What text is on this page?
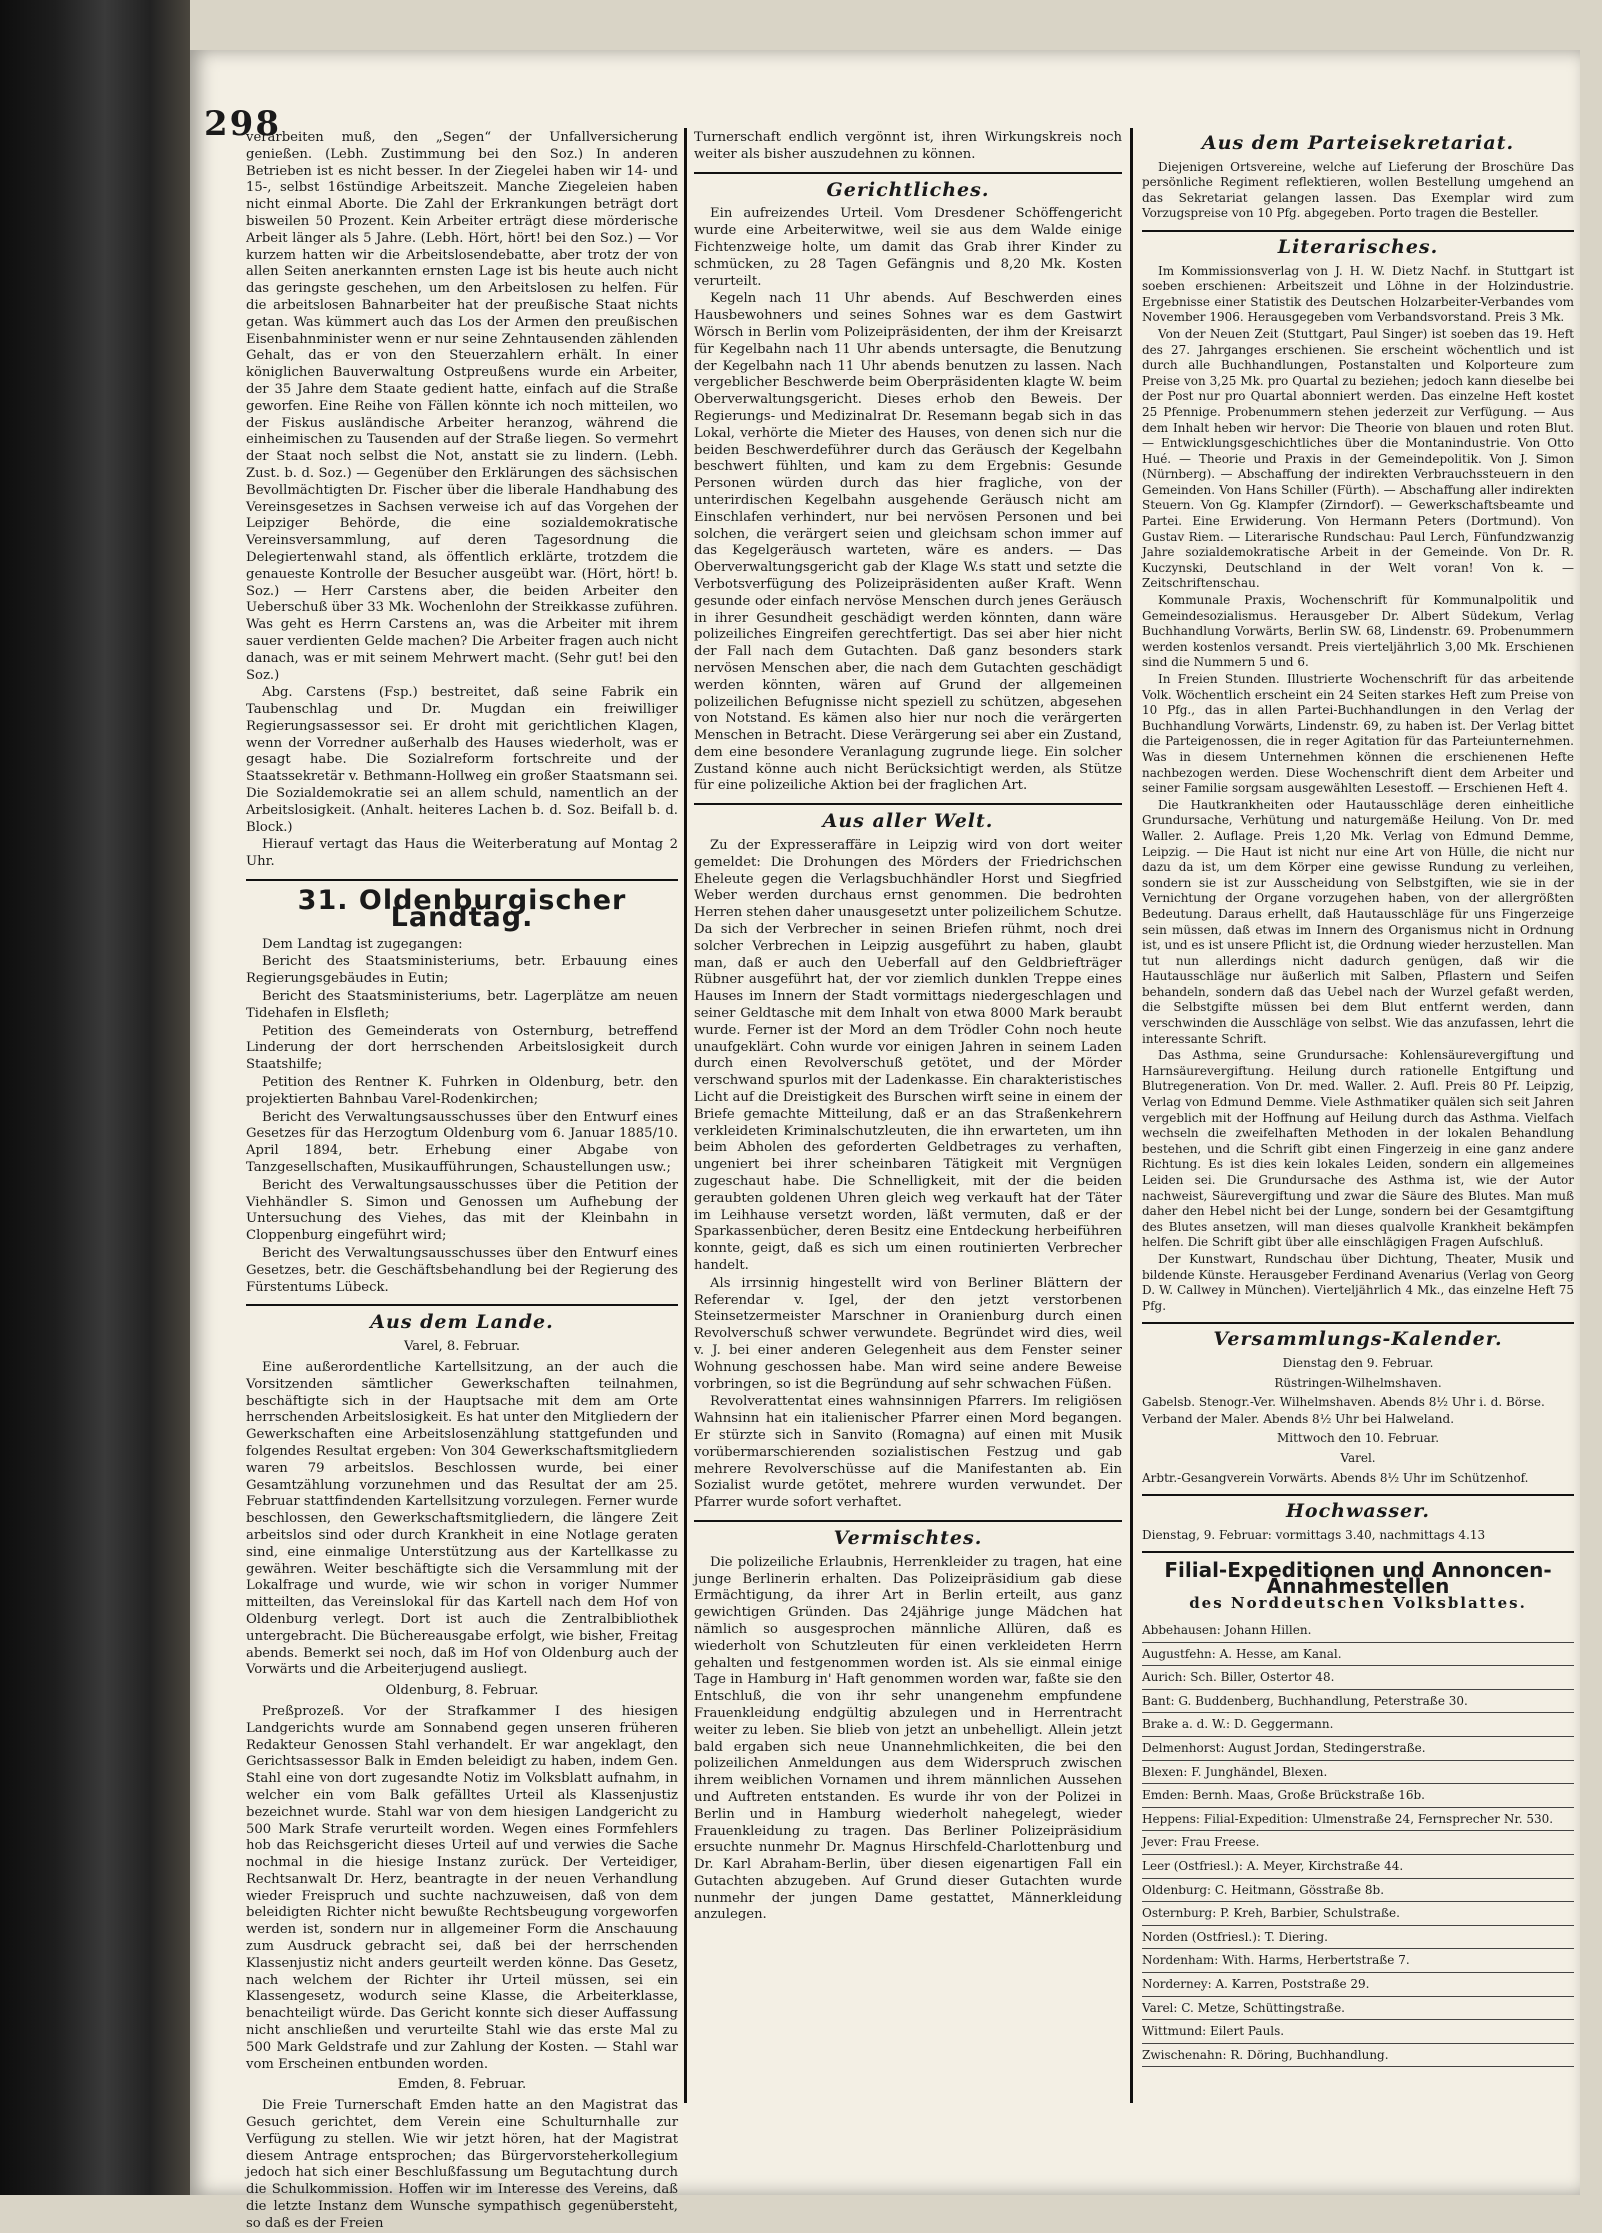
298

verarbeiten muß, den „Segen“ der Unfallversicherung genießen. (Lebh. Zustimmung bei den Soz.) In anderen Betrieben ist es nicht besser. In der Ziegelei haben wir 14- und 15-, selbst 16stündige Arbeitszeit. Manche Ziegeleien haben nicht einmal Aborte. Die Zahl der Erkrankungen beträgt dort bisweilen 50 Prozent. Kein Arbeiter erträgt diese mörderische Arbeit länger als 5 Jahre. (Lebh. Hört, hört! bei den Soz.) — Vor kurzem hatten wir die Arbeitslosendebatte, aber trotz der von allen Seiten anerkannten ernsten Lage ist bis heute auch nicht das geringste geschehen, um den Arbeitslosen zu helfen. Für die arbeitslosen Bahnarbeiter hat der preußische Staat nichts getan. Was kümmert auch das Los der Armen den preußischen Eisenbahnminister wenn er nur seine Zehntausenden zählenden Gehalt, das er von den Steuerzahlern erhält. In einer königlichen Bauverwaltung Ostpreußens wurde ein Arbeiter, der 35 Jahre dem Staate gedient hatte, einfach auf die Straße geworfen. Eine Reihe von Fällen könnte ich noch mitteilen, wo der Fiskus ausländische Arbeiter heranzog, während die einheimischen zu Tausenden auf der Straße liegen. So vermehrt der Staat noch selbst die Not, anstatt sie zu lindern. (Lebh. Zust. b. d. Soz.) — Gegenüber den Erklärungen des sächsischen Bevollmächtigten Dr. Fischer über die liberale Handhabung des Vereinsgesetzes in Sachsen verweise ich auf das Vorgehen der Leipziger Behörde, die eine sozialdemokratische Vereinsversammlung, auf deren Tagesordnung die Delegiertenwahl stand, als öffentlich erklärte, trotzdem die genaueste Kontrolle der Besucher ausgeübt war. (Hört, hört! b. Soz.) — Herr Carstens aber, die beiden Arbeiter den Ueberschuß über 33 Mk. Wochenlohn der Streikkasse zuführen. Was geht es Herrn Carstens an, was die Arbeiter mit ihrem sauer verdienten Gelde machen? Die Arbeiter fragen auch nicht danach, was er mit seinem Mehrwert macht. (Sehr gut! bei den Soz.)

Abg. Carstens (Fsp.) bestreitet, daß seine Fabrik ein Taubenschlag und Dr. Mugdan ein freiwilliger Regierungsassessor sei. Er droht mit gerichtlichen Klagen, wenn der Vorredner außerhalb des Hauses wiederholt, was er gesagt habe. Die Sozialreform fortschreite und der Staatssekretär v. Bethmann-Hollweg ein großer Staatsmann sei. Die Sozialdemokratie sei an allem schuld, namentlich an der Arbeitslosigkeit. (Anhalt. heiteres Lachen b. d. Soz. Beifall b. d. Block.)

Hierauf vertagt das Haus die Weiterberatung auf Montag 2 Uhr.

31. Oldenburgischer Landtag.

Dem Landtag ist zugegangen:

Bericht des Staatsministeriums, betr. Erbauung eines Regierungsgebäudes in Eutin;

Bericht des Staatsministeriums, betr. Lagerplätze am neuen Tidehafen in Elsfleth;

Petition des Gemeinderats von Osternburg, betreffend Linderung der dort herrschenden Arbeitslosigkeit durch Staatshilfe;

Petition des Rentner K. Fuhrken in Oldenburg, betr. den projektierten Bahnbau Varel-Rodenkirchen;

Bericht des Verwaltungsausschusses über den Entwurf eines Gesetzes für das Herzogtum Oldenburg vom 6. Januar 1885/10. April 1894, betr. Erhebung einer Abgabe von Tanzgesellschaften, Musikaufführungen, Schaustellungen usw.;

Bericht des Verwaltungsausschusses über die Petition der Viehhändler S. Simon und Genossen um Aufhebung der Untersuchung des Viehes, das mit der Kleinbahn in Cloppenburg eingeführt wird;

Bericht des Verwaltungsausschusses über den Entwurf eines Gesetzes, betr. die Geschäftsbehandlung bei der Regierung des Fürstentums Lübeck.

Aus dem Lande.
Varel, 8. Februar.

Eine außerordentliche Kartellsitzung, an der auch die Vorsitzenden sämtlicher Gewerkschaften teilnahmen, beschäftigte sich in der Hauptsache mit dem am Orte herrschenden Arbeitslosigkeit. Es hat unter den Mitgliedern der Gewerkschaften eine Arbeitslosenzählung stattgefunden und folgendes Resultat ergeben: Von 304 Gewerkschaftsmitgliedern waren 79 arbeitslos. Beschlossen wurde, bei einer Gesamtzählung vorzunehmen und das Resultat der am 25. Februar stattfindenden Kartellsitzung vorzulegen. Ferner wurde beschlossen, den Gewerkschaftsmitgliedern, die längere Zeit arbeitslos sind oder durch Krankheit in eine Notlage geraten sind, eine einmalige Unterstützung aus der Kartellkasse zu gewähren. Weiter beschäftigte sich die Versammlung mit der Lokalfrage und wurde, wie wir schon in voriger Nummer mitteilten, das Vereinslokal für das Kartell nach dem Hof von Oldenburg verlegt. Dort ist auch die Zentralbibliothek untergebracht. Die Büchereausgabe erfolgt, wie bisher, Freitag abends. Bemerkt sei noch, daß im Hof von Oldenburg auch der Vorwärts und die Arbeiterjugend ausliegt.

Oldenburg, 8. Februar.

Preßprozeß. Vor der Strafkammer I des hiesigen Landgerichts wurde am Sonnabend gegen unseren früheren Redakteur Genossen Stahl verhandelt. Er war angeklagt, den Gerichtsassessor Balk in Emden beleidigt zu haben, indem Gen. Stahl eine von dort zugesandte Notiz im Volksblatt aufnahm, in welcher ein vom Balk gefälltes Urteil als Klassenjustiz bezeichnet wurde. Stahl war von dem hiesigen Landgericht zu 500 Mark Strafe verurteilt worden. Wegen eines Formfehlers hob das Reichsgericht dieses Urteil auf und verwies die Sache nochmal in die hiesige Instanz zurück. Der Verteidiger, Rechtsanwalt Dr. Herz, beantragte in der neuen Verhandlung wieder Freispruch und suchte nachzuweisen, daß von dem beleidigten Richter nicht bewußte Rechtsbeugung vorgeworfen werden ist, sondern nur in allgemeiner Form die Anschauung zum Ausdruck gebracht sei, daß bei der herrschenden Klassenjustiz nicht anders geurteilt werden könne. Das Gesetz, nach welchem der Richter ihr Urteil müssen, sei ein Klassengesetz, wodurch seine Klasse, die Arbeiterklasse, benachteiligt würde. Das Gericht konnte sich dieser Auffassung nicht anschließen und verurteilte Stahl wie das erste Mal zu 500 Mark Geldstrafe und zur Zahlung der Kosten. — Stahl war vom Erscheinen entbunden worden.

Emden, 8. Februar.

Die Freie Turnerschaft Emden hatte an den Magistrat das Gesuch gerichtet, dem Verein eine Schulturnhalle zur Verfügung zu stellen. Wie wir jetzt hören, hat der Magistrat diesem Antrage entsprochen; das Bürgervorsteherkollegium jedoch hat sich einer Beschlußfassung um Begutachtung durch die Schulkommission. Hoffen wir im Interesse des Vereins, daß die letzte Instanz dem Wunsche sympathisch gegenübersteht, so daß es der Freien

Turnerschaft endlich vergönnt ist, ihren Wirkungskreis noch weiter als bisher auszudehnen zu können.

Gerichtliches.

Ein aufreizendes Urteil. Vom Dresdener Schöffengericht wurde eine Arbeiterwitwe, weil sie aus dem Walde einige Fichtenzweige holte, um damit das Grab ihrer Kinder zu schmücken, zu 28 Tagen Gefängnis und 8,20 Mk. Kosten verurteilt.

Kegeln nach 11 Uhr abends. Auf Beschwerden eines Hausbewohners und seines Sohnes war es dem Gastwirt Wörsch in Berlin vom Polizeipräsidenten, der ihm der Kreisarzt für Kegelbahn nach 11 Uhr abends untersagte, die Benutzung der Kegelbahn nach 11 Uhr abends benutzen zu lassen. Nach vergeblicher Beschwerde beim Oberpräsidenten klagte W. beim Oberverwaltungsgericht. Dieses erhob den Beweis. Der Regierungs- und Medizinalrat Dr. Resemann begab sich in das Lokal, verhörte die Mieter des Hauses, von denen sich nur die beiden Beschwerdeführer durch das Geräusch der Kegelbahn beschwert fühlten, und kam zu dem Ergebnis: Gesunde Personen würden durch das hier fragliche, von der unterirdischen Kegelbahn ausgehende Geräusch nicht am Einschlafen verhindert, nur bei nervösen Personen und bei solchen, die verärgert seien und gleichsam schon immer auf das Kegelgeräusch warteten, wäre es anders. — Das Oberverwaltungsgericht gab der Klage W.s statt und setzte die Verbotsverfügung des Polizeipräsidenten außer Kraft. Wenn gesunde oder einfach nervöse Menschen durch jenes Geräusch in ihrer Gesundheit geschädigt werden könnten, dann wäre polizeiliches Eingreifen gerechtfertigt. Das sei aber hier nicht der Fall nach dem Gutachten. Daß ganz besonders stark nervösen Menschen aber, die nach dem Gutachten geschädigt werden könnten, wären auf Grund der allgemeinen polizeilichen Befugnisse nicht speziell zu schützen, abgesehen von Notstand. Es kämen also hier nur noch die verärgerten Menschen in Betracht. Diese Verärgerung sei aber ein Zustand, dem eine besondere Veranlagung zugrunde liege. Ein solcher Zustand könne auch nicht Berücksichtigt werden, als Stütze für eine polizeiliche Aktion bei der fraglichen Art.

Aus aller Welt.

Zu der Expresseraffäre in Leipzig wird von dort weiter gemeldet: Die Drohungen des Mörders der Friedrichschen Eheleute gegen die Verlagsbuchhändler Horst und Siegfried Weber werden durchaus ernst genommen. Die bedrohten Herren stehen daher unausgesetzt unter polizeilichem Schutze. Da sich der Verbrecher in seinen Briefen rühmt, noch drei solcher Verbrechen in Leipzig ausgeführt zu haben, glaubt man, daß er auch den Ueberfall auf den Geldbriefträger Rübner ausgeführt hat, der vor ziemlich dunklen Treppe eines Hauses im Innern der Stadt vormittags niedergeschlagen und seiner Geldtasche mit dem Inhalt von etwa 8000 Mark beraubt wurde. Ferner ist der Mord an dem Trödler Cohn noch heute unaufgeklärt. Cohn wurde vor einigen Jahren in seinem Laden durch einen Revolverschuß getötet, und der Mörder verschwand spurlos mit der Ladenkasse. Ein charakteristisches Licht auf die Dreistigkeit des Burschen wirft seine in einem der Briefe gemachte Mitteilung, daß er an das Straßenkehrern verkleideten Kriminalschutzleuten, die ihn erwarteten, um ihn beim Abholen des geforderten Geldbetrages zu verhaften, ungeniert bei ihrer scheinbaren Tätigkeit mit Vergnügen zugeschaut habe. Die Schnelligkeit, mit der die beiden geraubten goldenen Uhren gleich weg verkauft hat der Täter im Leihhause versetzt worden, läßt vermuten, daß er der Sparkassenbücher, deren Besitz eine Entdeckung herbeiführen konnte, geigt, daß es sich um einen routinierten Verbrecher handelt.

Als irrsinnig hingestellt wird von Berliner Blättern der Referendar v. Igel, der den jetzt verstorbenen Steinsetzermeister Marschner in Oranienburg durch einen Revolverschuß schwer verwundete. Begründet wird dies, weil v. J. bei einer anderen Gelegenheit aus dem Fenster seiner Wohnung geschossen habe. Man wird seine andere Beweise vorbringen, so ist die Begründung auf sehr schwachen Füßen.

Revolverattentat eines wahnsinnigen Pfarrers. Im religiösen Wahnsinn hat ein italienischer Pfarrer einen Mord begangen. Er stürzte sich in Sanvito (Romagna) auf einen mit Musik vorübermarschierenden sozialistischen Festzug und gab mehrere Revolverschüsse auf die Manifestanten ab. Ein Sozialist wurde getötet, mehrere wurden verwundet. Der Pfarrer wurde sofort verhaftet.

Vermischtes.

Die polizeiliche Erlaubnis, Herrenkleider zu tragen, hat eine junge Berlinerin erhalten. Das Polizeipräsidium gab diese Ermächtigung, da ihrer Art in Berlin erteilt, aus ganz gewichtigen Gründen. Das 24jährige junge Mädchen hat nämlich so ausgesprochen männliche Allüren, daß es wiederholt von Schutzleuten für einen verkleideten Herrn gehalten und festgenommen worden ist. Als sie einmal einige Tage in Hamburg in' Haft genommen worden war, faßte sie den Entschluß, die von ihr sehr unangenehm empfundene Frauenkleidung endgültig abzulegen und in Herrentracht weiter zu leben. Sie blieb von jetzt an unbehelligt. Allein jetzt bald ergaben sich neue Unannehmlichkeiten, die bei den polizeilichen Anmeldungen aus dem Widerspruch zwischen ihrem weiblichen Vornamen und ihrem männlichen Aussehen und Auftreten entstanden. Es wurde ihr von der Polizei in Berlin und in Hamburg wiederholt nahegelegt, wieder Frauenkleidung zu tragen. Das Berliner Polizeipräsidium ersuchte nunmehr Dr. Magnus Hirschfeld-Charlottenburg und Dr. Karl Abraham-Berlin, über diesen eigenartigen Fall ein Gutachten abzugeben. Auf Grund dieser Gutachten wurde nunmehr der jungen Dame gestattet, Männerkleidung anzulegen.

Aus dem Parteisekretariat.

Diejenigen Ortsvereine, welche auf Lieferung der Broschüre Das persönliche Regiment reflektieren, wollen Bestellung umgehend an das Sekretariat gelangen lassen. Das Exemplar wird zum Vorzugspreise von 10 Pfg. abgegeben. Porto tragen die Besteller.

Literarisches.

Im Kommissionsverlag von J. H. W. Dietz Nachf. in Stuttgart ist soeben erschienen: Arbeitszeit und Löhne in der Holzindustrie. Ergebnisse einer Statistik des Deutschen Holzarbeiter-Verbandes vom November 1906. Herausgegeben vom Verbandsvorstand. Preis 3 Mk.

Von der Neuen Zeit (Stuttgart, Paul Singer) ist soeben das 19. Heft des 27. Jahrganges erschienen. Sie erscheint wöchentlich und ist durch alle Buchhandlungen, Postanstalten und Kolporteure zum Preise von 3,25 Mk. pro Quartal zu beziehen; jedoch kann dieselbe bei der Post nur pro Quartal abonniert werden. Das einzelne Heft kostet 25 Pfennige. Probenummern stehen jederzeit zur Verfügung. — Aus dem Inhalt heben wir hervor: Die Theorie von blauen und roten Blut. — Entwicklungsgeschichtliches über die Montanindustrie. Von Otto Hué. — Theorie und Praxis in der Gemeindepolitik. Von J. Simon (Nürnberg). — Abschaffung der indirekten Verbrauchssteuern in den Gemeinden. Von Hans Schiller (Fürth). — Abschaffung aller indirekten Steuern. Von Gg. Klampfer (Zirndorf). — Gewerkschaftsbeamte und Partei. Eine Erwiderung. Von Hermann Peters (Dortmund). Von Gustav Riem. — Literarische Rundschau: Paul Lerch, Fünfundzwanzig Jahre sozialdemokratische Arbeit in der Gemeinde. Von Dr. R. Kuczynski, Deutschland in der Welt voran! Von k. — Zeitschriftenschau.

Kommunale Praxis, Wochenschrift für Kommunalpolitik und Gemeindesozialismus. Herausgeber Dr. Albert Südekum, Verlag Buchhandlung Vorwärts, Berlin SW. 68, Lindenstr. 69. Probenummern werden kostenlos versandt. Preis vierteljährlich 3,00 Mk. Erschienen sind die Nummern 5 und 6.

In Freien Stunden. Illustrierte Wochenschrift für das arbeitende Volk. Wöchentlich erscheint ein 24 Seiten starkes Heft zum Preise von 10 Pfg., das in allen Partei-Buchhandlungen in den Verlag der Buchhandlung Vorwärts, Lindenstr. 69, zu haben ist. Der Verlag bittet die Parteigenossen, die in reger Agitation für das Parteiunternehmen. Was in diesem Unternehmen können die erschienenen Hefte nachbezogen werden. Diese Wochenschrift dient dem Arbeiter und seiner Familie sorgsam ausgewählten Lesestoff. — Erschienen Heft 4.

Die Hautkrankheiten oder Hautausschläge deren einheitliche Grundursache, Verhütung und naturgemäße Heilung. Von Dr. med Waller. 2. Auflage. Preis 1,20 Mk. Verlag von Edmund Demme, Leipzig. — Die Haut ist nicht nur eine Art von Hülle, die nicht nur dazu da ist, um dem Körper eine gewisse Rundung zu verleihen, sondern sie ist zur Ausscheidung von Selbstgiften, wie sie in der Vernichtung der Organe vorzugehen haben, von der allergrößten Bedeutung. Daraus erhellt, daß Hautausschläge für uns Fingerzeige sein müssen, daß etwas im Innern des Organismus nicht in Ordnung ist, und es ist unsere Pflicht ist, die Ordnung wieder herzustellen. Man tut nun allerdings nicht dadurch genügen, daß wir die Hautausschläge nur äußerlich mit Salben, Pflastern und Seifen behandeln, sondern daß das Uebel nach der Wurzel gefaßt werden, die Selbstgifte müssen bei dem Blut entfernt werden, dann verschwinden die Ausschläge von selbst. Wie das anzufassen, lehrt die interessante Schrift.

Das Asthma, seine Grundursache: Kohlensäurevergiftung und Harnsäurevergiftung. Heilung durch rationelle Entgiftung und Blutregeneration. Von Dr. med. Waller. 2. Aufl. Preis 80 Pf. Leipzig, Verlag von Edmund Demme. Viele Asthmatiker quälen sich seit Jahren vergeblich mit der Hoffnung auf Heilung durch das Asthma. Vielfach wechseln die zweifelhaften Methoden in der lokalen Behandlung bestehen, und die Schrift gibt einen Fingerzeig in eine ganz andere Richtung. Es ist dies kein lokales Leiden, sondern ein allgemeines Leiden sei. Die Grundursache des Asthma ist, wie der Autor nachweist, Säurevergiftung und zwar die Säure des Blutes. Man muß daher den Hebel nicht bei der Lunge, sondern bei der Gesamtgiftung des Blutes ansetzen, will man dieses qualvolle Krankheit bekämpfen helfen. Die Schrift gibt über alle einschlägigen Fragen Aufschluß.

Der Kunstwart, Rundschau über Dichtung, Theater, Musik und bildende Künste. Herausgeber Ferdinand Avenarius (Verlag von Georg D. W. Callwey in München). Vierteljährlich 4 Mk., das einzelne Heft 75 Pfg.

Versammlungs-Kalender.
Dienstag den 9. Februar.
Rüstringen-Wilhelmshaven.

Gabelsb. Stenogr.-Ver. Wilhelmshaven. Abends 8½ Uhr i. d. Börse.

Verband der Maler. Abends 8½ Uhr bei Halweland.

Mittwoch den 10. Februar.
Varel.

Arbtr.-Gesangverein Vorwärts. Abends 8½ Uhr im Schützenhof.

Hochwasser.

Dienstag, 9. Februar: vormittags 3.40, nachmittags 4.13

Filial-Expeditionen und Annoncen-Annahmestellen
des Norddeutschen Volksblattes.

Abbehausen: Johann Hillen.

Augustfehn: A. Hesse, am Kanal.

Aurich: Sch. Biller, Ostertor 48.

Bant: G. Buddenberg, Buchhandlung, Peterstraße 30.

Brake a. d. W.: D. Geggermann.

Delmenhorst: August Jordan, Stedingerstraße.

Blexen: F. Junghändel, Blexen.

Emden: Bernh. Maas, Große Brückstraße 16b.

Heppens: Filial-Expedition: Ulmenstraße 24, Fernsprecher Nr. 530.

Jever: Frau Freese.

Leer (Ostfriesl.): A. Meyer, Kirchstraße 44.

Oldenburg: C. Heitmann, Gösstraße 8b.

Osternburg: P. Kreh, Barbier, Schulstraße.

Norden (Ostfriesl.): T. Diering.

Nordenham: With. Harms, Herbertstraße 7.

Norderney: A. Karren, Poststraße 29.

Varel: C. Metze, Schüttingstraße.

Wittmund: Eilert Pauls.

Zwischenahn: R. Döring, Buchhandlung.
